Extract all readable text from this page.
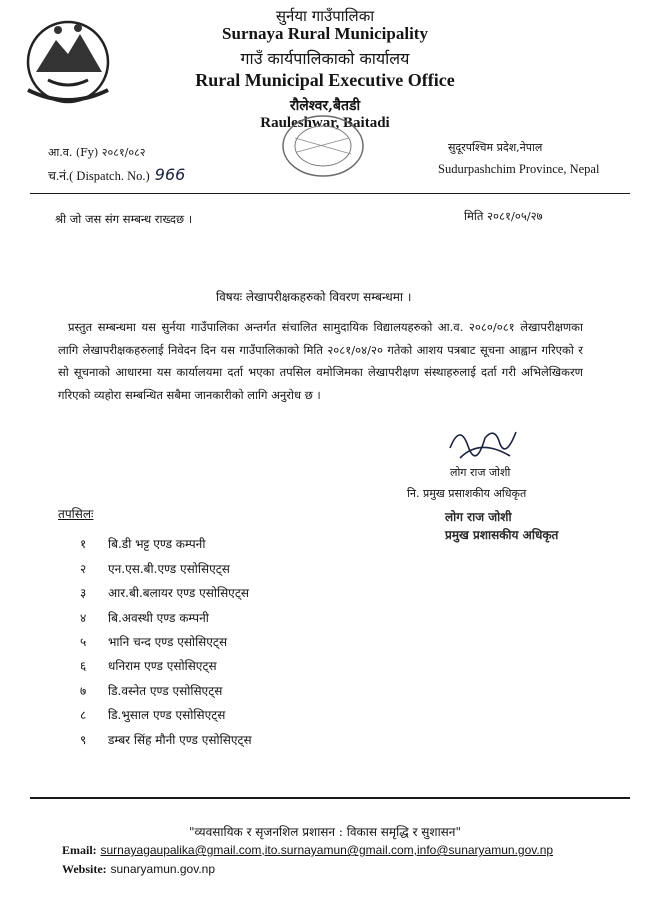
सुर्नया गाउँपालिका
Surnaya Rural Municipality
गाउँ कार्यपालिकाको कार्यालय
Rural Municipal Executive Office
रौलेश्वर,बैतडी
Rauleshwar, Baitadi
आ.व. (Fy) २०८१/०८२
च.नं.( Dispatch. No.) 966
सुदूरपश्चिम प्रदेश,नेपाल
Sudurpashchim Province, Nepal
श्री जो जस संग सम्बन्ध राख्दछ ।	मिति २०८१/०५/२७
विषयः लेखापरीक्षकहरुको विवरण सम्बन्धमा ।
प्रस्तुत सम्बन्धमा यस सुर्नया गाउँपालिका अन्तर्गत संचालित सामुदायिक विद्यालयहरुको आ.व. २०८०/०८१ लेखापरीक्षणका लागि लेखापरीक्षकहरुलाई निवेदन दिन यस गाउँपालिकाको मिति २०८१/०४/२० गतेको आशय पत्रबाट सूचना आह्वान गरिएको र सो सूचनाको आधारमा यस कार्यालयमा दर्ता भएका तपसिल वमोजिमका लेखापरीक्षण संस्थाहरुलाई दर्ता गरी अभिलेखिकरण गरिएको व्यहोरा सम्बन्धित सबैमा जानकारीको लागि अनुरोध छ ।
लोग राज जोशी
नि. प्रमुख प्रसाशकीय अधिकृत
लोग राज जोशी
प्रमुख प्रशासकीय अधिकृत
तपसिलः
१ बि.डी भट्ट एण्ड कम्पनी
२ एन.एस.बी.एण्ड एसोसिएट्स
३ आर.बी.बलायर एण्ड एसोसिएट्स
४ बि.अवस्थी एण्ड कम्पनी
५ भानि चन्द एण्ड एसोसिएट्स
६ धनिराम एण्ड एसोसिएट्स
७ डि.वस्नेत एण्ड एसोसिएट्स
८ डि.भुसाल एण्ड एसोसिएट्स
९ डम्बर सिंह मौनी एण्ड एसोसिएट्स
"व्यवसायिक र सृजनशिल प्रशासन : विकास समृद्धि र सुशासन"
Email: surnayagaupalika@gmail.com,ito.surnayamun@gmail.com,info@sunaryamun.gov.np
Website: sunaryamun.gov.np
